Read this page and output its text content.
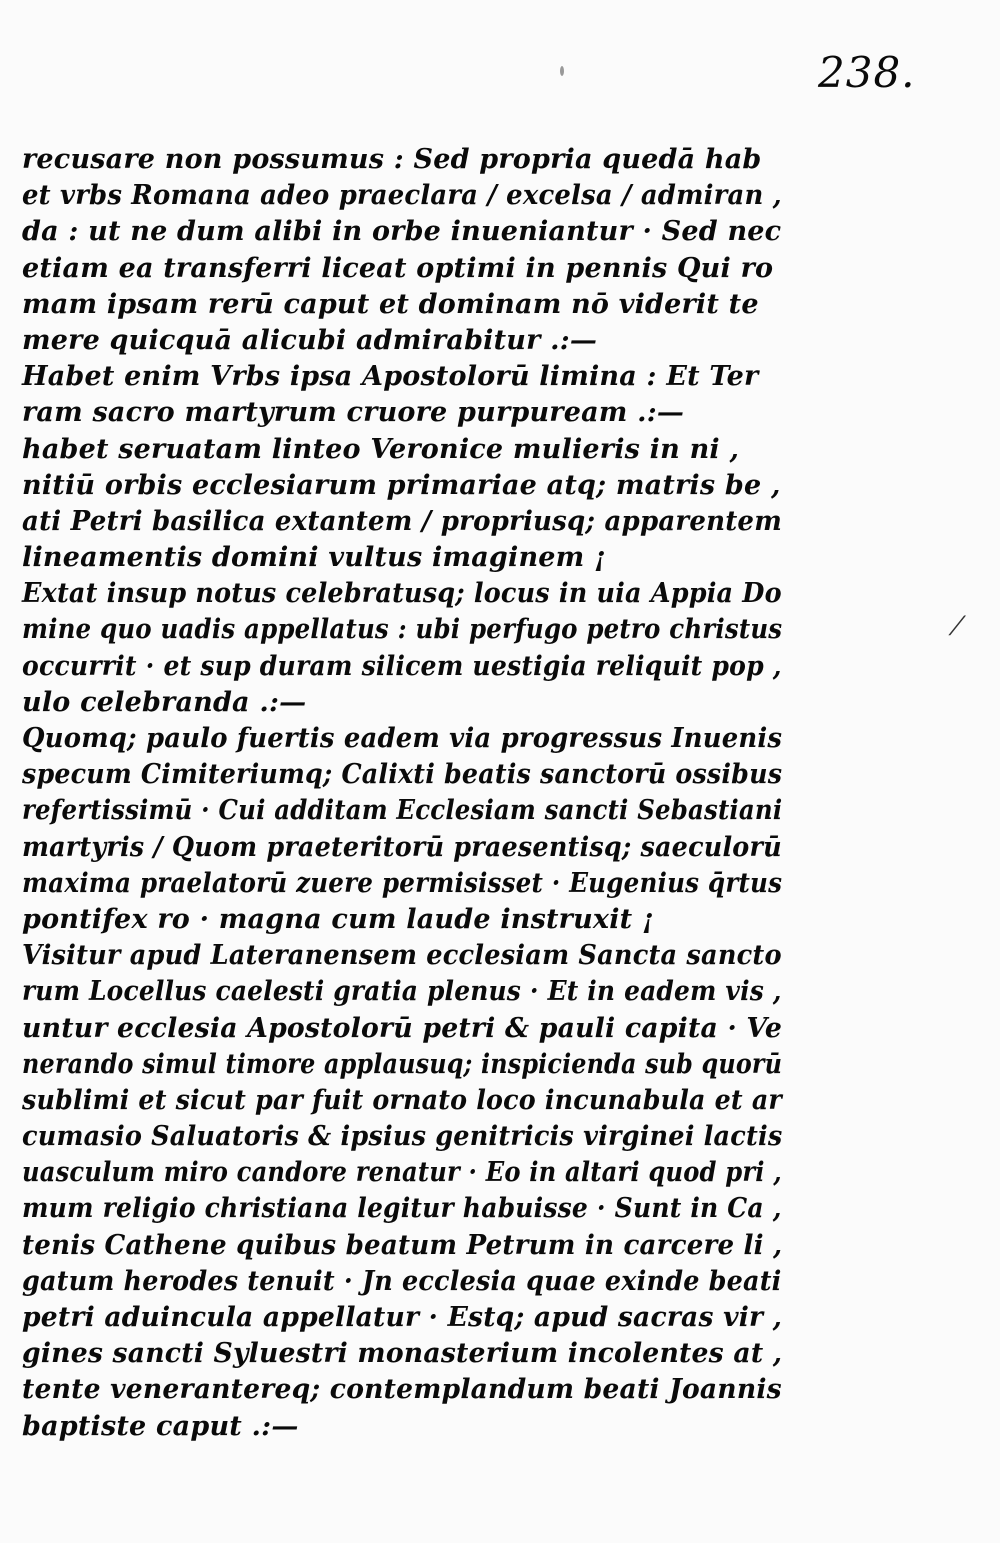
238.
recusare non possumus : Sed propria quedā hab
et vrbs Romana adeo praeclara / excelsa / admiran ,
da : ut ne dum alibi in orbe inueniantur · Sed nec
etiam ea transferri liceat optimi in pennis Qui ro
mam ipsam rerū caput et dominam nō viderit te
mere quicquā alicubi admirabitur .:—
Habet enim Vrbs ipsa Apostolorū limina : Et Ter
ram sacro martyrum cruore purpuream .:—
habet seruatam linteo Veronice mulieris in ni ,
nitiū orbis ecclesiarum primariae atq; matris be ,
ati Petri basilica extantem / propriusq; apparentem
lineamentis domini vultus imaginem ¡
Extat insup notus celebratusq; locus in uia Appia Do
mine quo uadis appellatus : ubi perfugo petro christus
occurrit · et sup duram silicem uestigia reliquit pop ,
ulo celebranda .:—
Quomq; paulo fuertis eadem via progressus Inuenis
specum Cimiteriumq; Calixti beatis sanctorū ossibus
refertissimū · Cui additam Ecclesiam sancti Sebastiani
martyris / Quom praeteritorū praesentisq; saeculorū
maxima praelatorū zuere permisisset · Eugenius q̄rtus
pontifex ro · magna cum laude instruxit ¡
Visitur apud Lateranensem ecclesiam Sancta sancto
rum Locellus caelesti gratia plenus · Et in eadem vis ,
untur ecclesia Apostolorū petri & pauli capita · Ve
nerando simul timore applausuq; inspicienda sub quorū
sublimi et sicut par fuit ornato loco incunabula et ar
cumasio Saluatoris & ipsius genitricis virginei lactis
uasculum miro candore renatur · Eo in altari quod pri ,
mum religio christiana legitur habuisse · Sunt in Ca ,
tenis Cathene quibus beatum Petrum in carcere li ,
gatum herodes tenuit · Jn ecclesia quae exinde beati
petri aduincula appellatur · Estq; apud sacras vir ,
gines sancti Syluestri monasterium incolentes at ,
tente venerantereq; contemplandum beati Joannis
baptiste caput .:—
⁄
